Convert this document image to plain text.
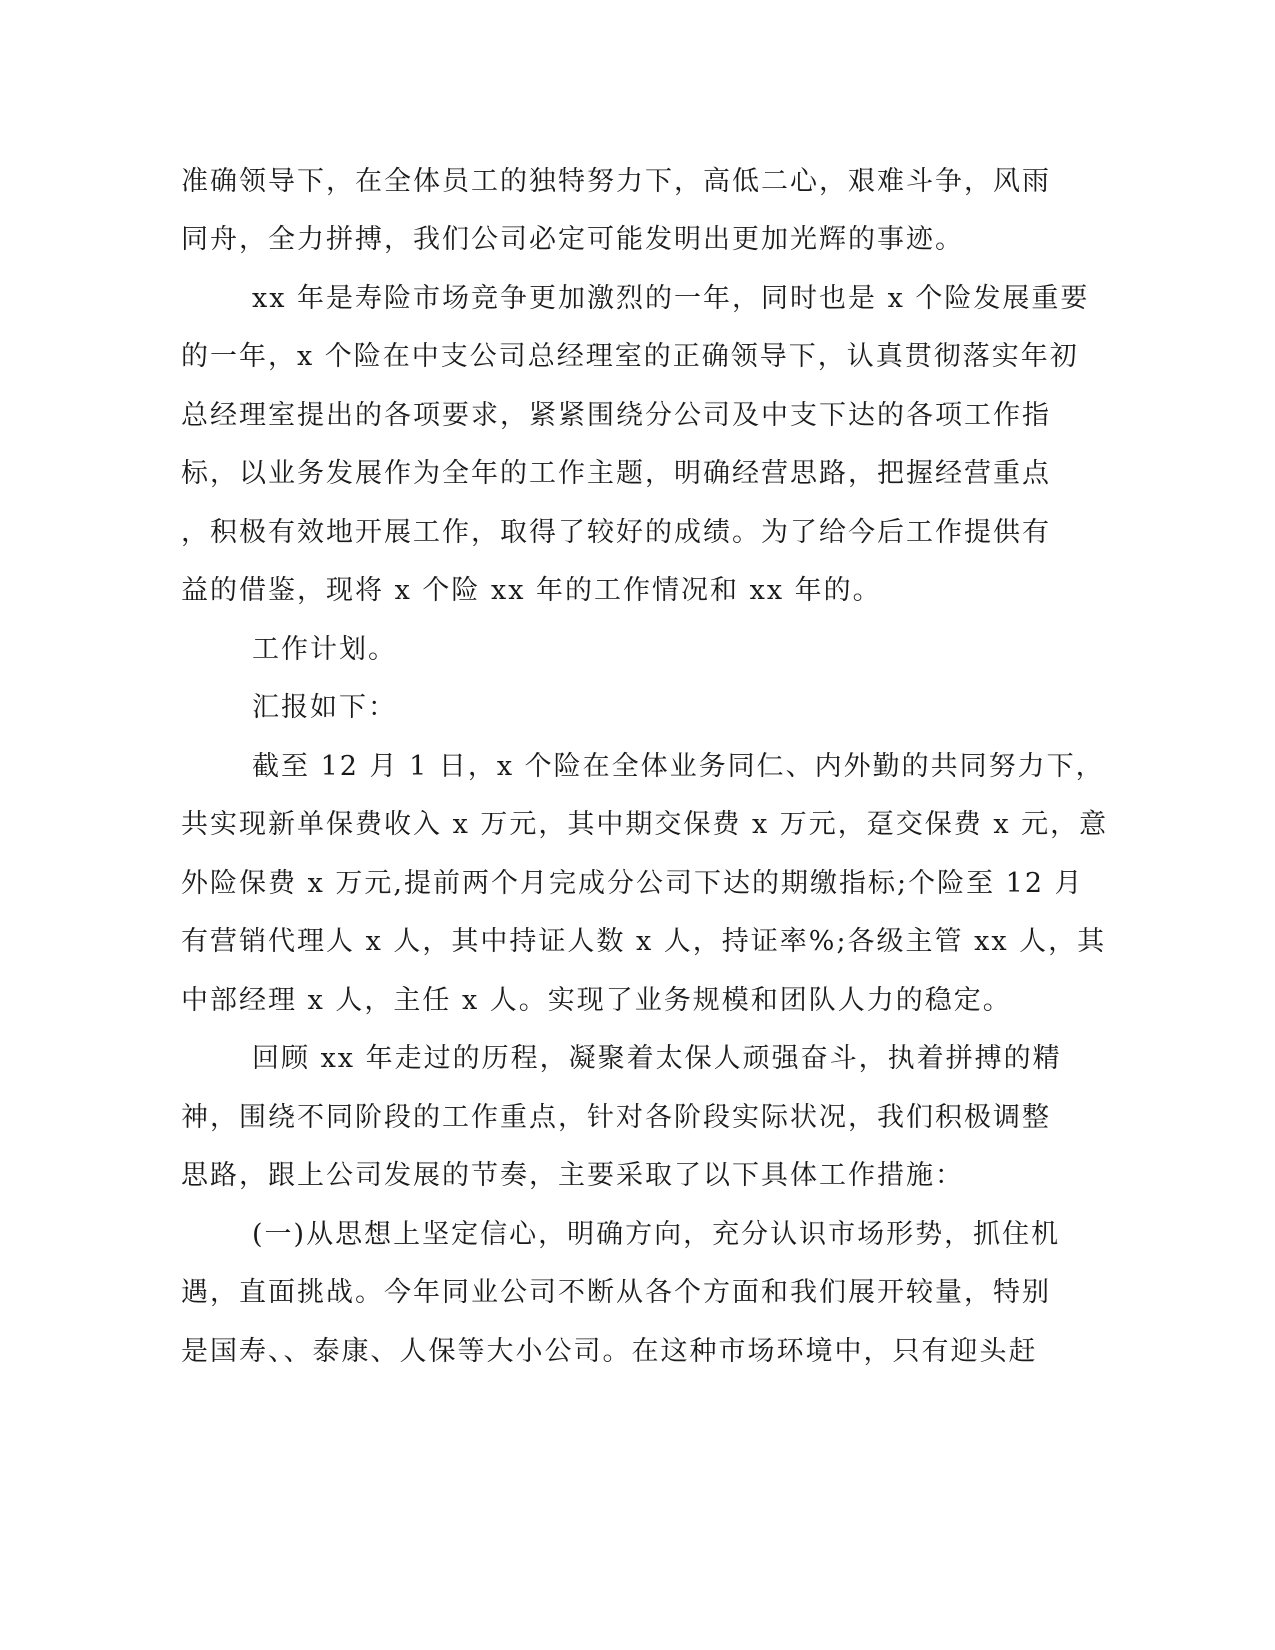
准确领导下，在全体员工的独特努力下，高低二心，艰难斗争，风雨
同舟，全力拼搏，我们公司必定可能发明出更加光辉的事迹。
xx 年是寿险市场竞争更加激烈的一年，同时也是 x 个险发展重要
的一年，x 个险在中支公司总经理室的正确领导下，认真贯彻落实年初
总经理室提出的各项要求，紧紧围绕分公司及中支下达的各项工作指
标，以业务发展作为全年的工作主题，明确经营思路，把握经营重点
，积极有效地开展工作，取得了较好的成绩。为了给今后工作提供有
益的借鉴，现将 x 个险 xx 年的工作情况和 xx 年的。
工作计划。
汇报如下：
截至 12 月 1 日，x 个险在全体业务同仁、内外勤的共同努力下，
共实现新单保费收入 x 万元，其中期交保费 x 万元，趸交保费 x 元，意
外险保费 x 万元,提前两个月完成分公司下达的期缴指标;个险至 12 月
有营销代理人 x 人，其中持证人数 x 人，持证率%;各级主管 xx 人，其
中部经理 x 人，主任 x 人。实现了业务规模和团队人力的稳定。
回顾 xx 年走过的历程，凝聚着太保人顽强奋斗，执着拼搏的精
神，围绕不同阶段的工作重点，针对各阶段实际状况，我们积极调整
思路，跟上公司发展的节奏，主要采取了以下具体工作措施：
(一)从思想上坚定信心，明确方向，充分认识市场形势，抓住机
遇，直面挑战。今年同业公司不断从各个方面和我们展开较量，特别
是国寿、、泰康、人保等大小公司。在这种市场环境中，只有迎头赶
